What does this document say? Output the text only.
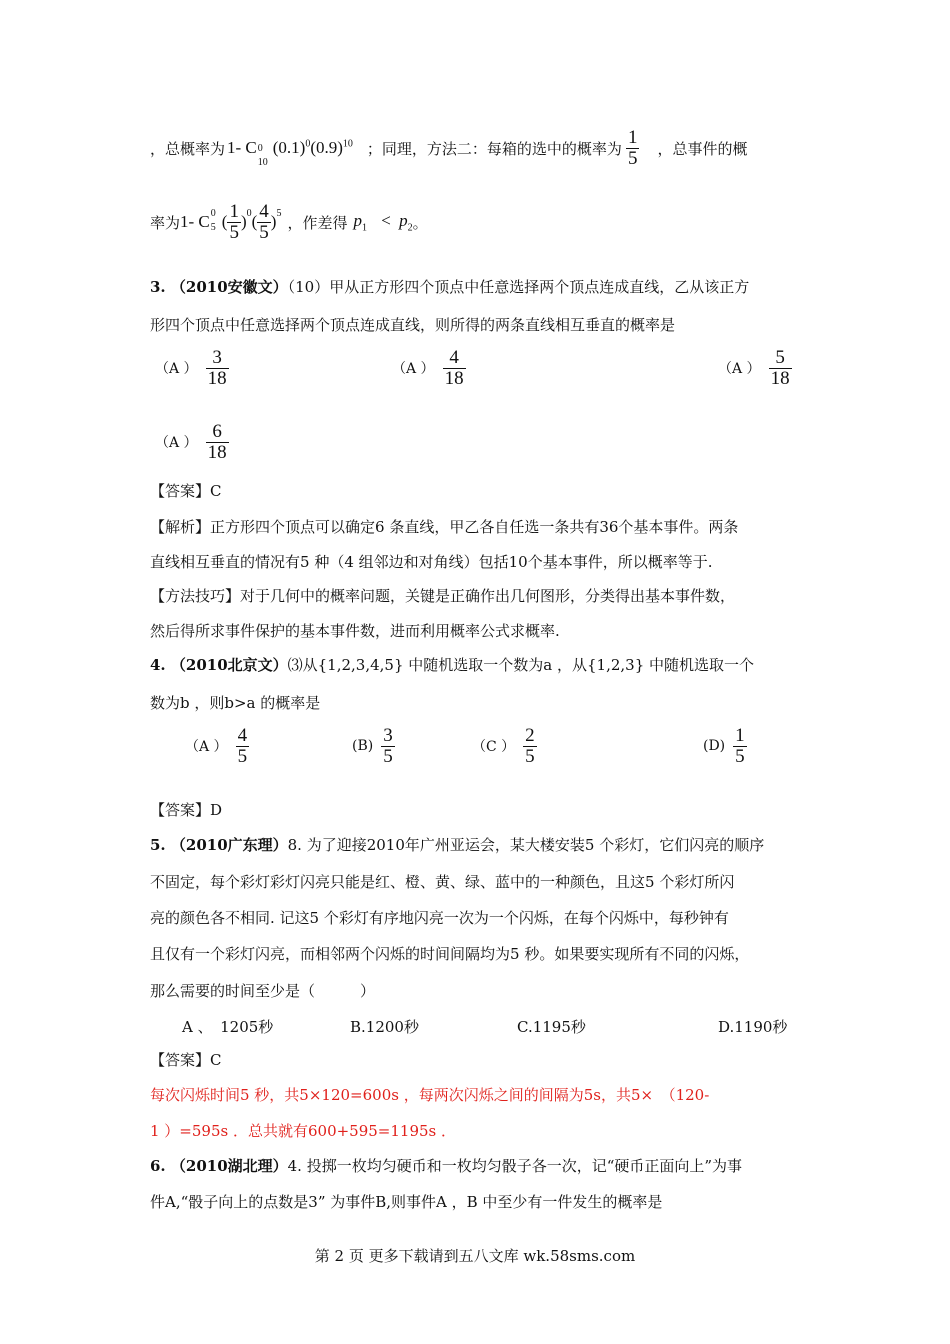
，总概率为 1- C 0
10
$(0.1)^0(0.9)^{10}$ ；同理，方法二：每箱的选中的概率为 $\frac{1}{5}$ ，总事件的概
率为 1- C 0
5 ( $\frac{1}{5} )^0$ ( $\frac{4}{5} )^5$
，作差得 $p_1 < p_2$ 。
3. （2010安徽文）（10）甲从正方形四个顶点中任意选择两个顶点连成直线，乙从该正方
形四个顶点中任意选择两个顶点连成直线，则所得的两条直线相互垂直的概率是
（A ） $\frac{3}{18}$	（A ） $\frac{4}{18}$	（A ） $\frac{5}{18}$
（A ） $\frac{6}{18}$
【答案】C
【解析】正方形四个顶点可以确定6 条直线，甲乙各自任选一条共有36个基本事件。两条
直线相互垂直的情况有5 种（4 组邻边和对角线）包括10个基本事件，所以概率等于.
【方法技巧】对于几何中的概率问题，关键是正确作出几何图形，分类得出基本事件数，
然后得所求事件保护的基本事件数，进而利用概率公式求概率.
4. （2010北京文）⑶从{1,2,3,4,5} 中随机选取一个数为a ，从{1,2,3} 中随机选取一个
数为b ，则b>a 的概率是
（A ） $\frac{4}{5}$	$(B) \frac{3}{5}$	（C ） $\frac{2}{5}$	$(D) \frac{1}{5}$
【答案】D
5. （2010广东理）8. 为了迎接2010年广州亚运会，某大楼安装5 个彩灯，它们闪亮的顺序
不固定，每个彩灯彩灯闪亮只能是红、橙、黄、绿、蓝中的一种颜色，且这5 个彩灯所闪
亮的颜色各不相同. 记这5 个彩灯有序地闪亮一次为一个闪烁，在每个闪烁中，每秒钟有
且仅有一个彩灯闪亮，而相邻两个闪烁的时间间隔均为5 秒。如果要实现所有不同的闪烁，
那么需要的时间至少是（　　　）
A 、　1205秒	B.1200秒	C.1195秒	D.1190秒
【答案】C
每次闪烁时间5 秒，共5×120=600s ，每两次闪烁之间的间隔为5s，共5×　（120-
1 ）=595s ．总共就有600+595=1195s ．
6. （2010湖北理）4. 投掷一枚均匀硬币和一枚均匀骰子各一次，记“硬币正面向上”为事
件A,“骰子向上的点数是3” 为事件B,则事件A ，B 中至少有一件发生的概率是
第 2 页 更多下载请到五八文库 wk.58sms.com
